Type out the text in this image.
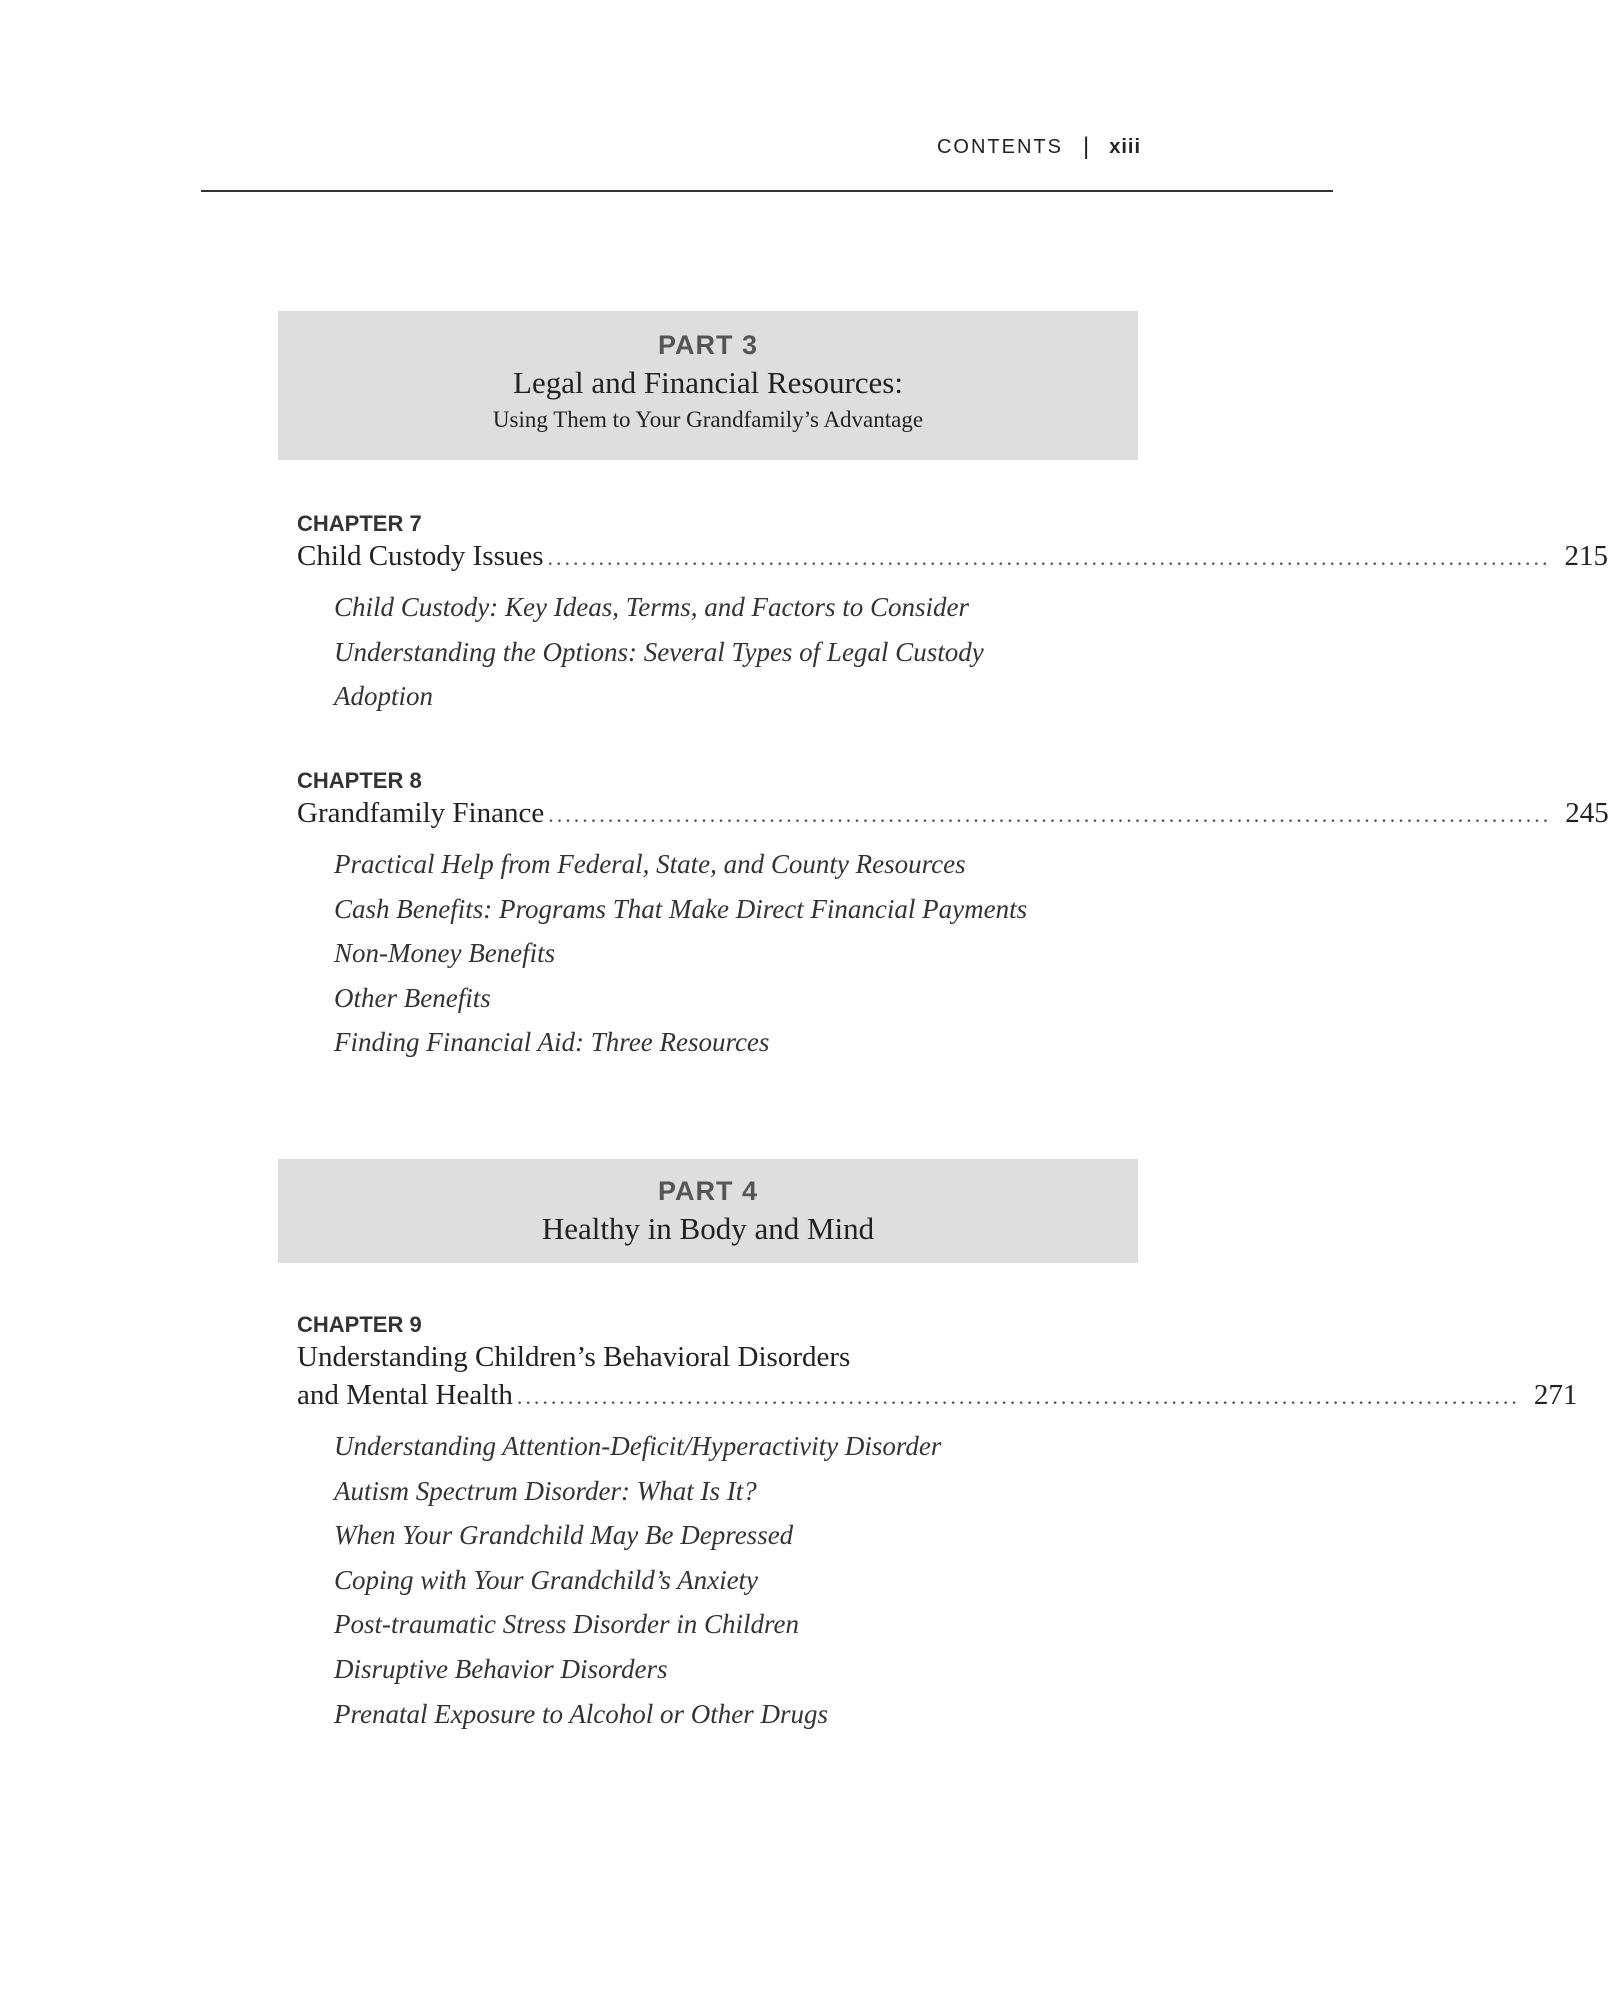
CONTENTS | xiii
PART 3
Legal and Financial Resources:
Using Them to Your Grandfamily’s Advantage
CHAPTER 7
Child Custody Issues ...................................................................................................................... 215
Child Custody: Key Ideas, Terms, and Factors to Consider
Understanding the Options: Several Types of Legal Custody
Adoption
CHAPTER 8
Grandfamily Finance ...................................................................................................................... 245
Practical Help from Federal, State, and County Resources
Cash Benefits: Programs That Make Direct Financial Payments
Non-Money Benefits
Other Benefits
Finding Financial Aid: Three Resources
PART 4
Healthy in Body and Mind
CHAPTER 9
Understanding Children’s Behavioral Disorders
and Mental Health ...................................................................................................................... 271
Understanding Attention-Deficit/Hyperactivity Disorder
Autism Spectrum Disorder: What Is It?
When Your Grandchild May Be Depressed
Coping with Your Grandchild’s Anxiety
Post-traumatic Stress Disorder in Children
Disruptive Behavior Disorders
Prenatal Exposure to Alcohol or Other Drugs
